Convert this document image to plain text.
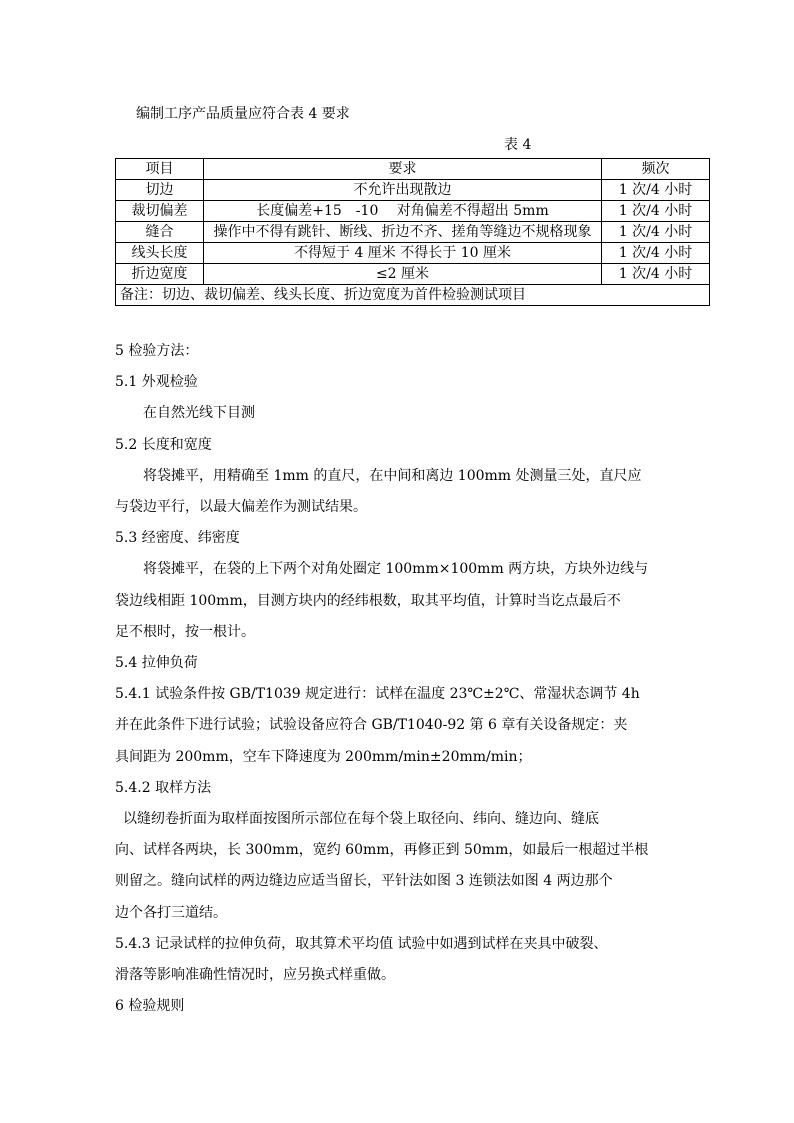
编制工序产品质量应符合表 4 要求
表 4
项目	要求	频次
切边	不允许出现散边	1 次/4 小时
裁切偏差	长度偏差+15　-10　 对角偏差不得超出 5mm	1 次/4 小时
缝合	操作中不得有跳针、断线、折边不齐、搓角等缝边不规格现象	1 次/4 小时
线头长度	不得短于 4 厘米 不得长于 10 厘米	1 次/4 小时
折边宽度	≤2 厘米	1 次/4 小时
备注：切边、裁切偏差、线头长度、折边宽度为首件检验测试项目		

5 检验方法：

5.1 外观检验

在自然光线下目测

5.2 长度和宽度

将袋摊平，用精确至 1mm 的直尺，在中间和离边 100mm 处测量三处，直尺应

与袋边平行，以最大偏差作为测试结果。

5.3 经密度、纬密度

将袋摊平，在袋的上下两个对角处圈定 100mm×100mm 两方块，方块外边线与

袋边线相距 100mm，目测方块内的经纬根数，取其平均值，计算时当讫点最后不

足不根时，按一根计。

5.4 拉伸负荷

5.4.1 试验条件按 GB/T1039 规定进行：试样在温度 23℃±2℃、常湿状态调节 4h

并在此条件下进行试验；试验设备应符合 GB/T1040-92 第 6 章有关设备规定：夹

具间距为 200mm，空车下降速度为 200mm/min±20mm/min；

5.4.2 取样方法

以缝纫卷折面为取样面按图所示部位在每个袋上取径向、纬向、缝边向、缝底

向、试样各两块，长 300mm，宽约 60mm，再修正到 50mm，如最后一根超过半根

则留之。缝向试样的两边缝边应适当留长，平针法如图 3 连锁法如图 4 两边那个

边个各打三道结。

5.4.3 记录试样的拉伸负荷，取其算术平均值 试验中如遇到试样在夹具中破裂、

滑落等影响准确性情况时，应另换式样重做。

6 检验规则
